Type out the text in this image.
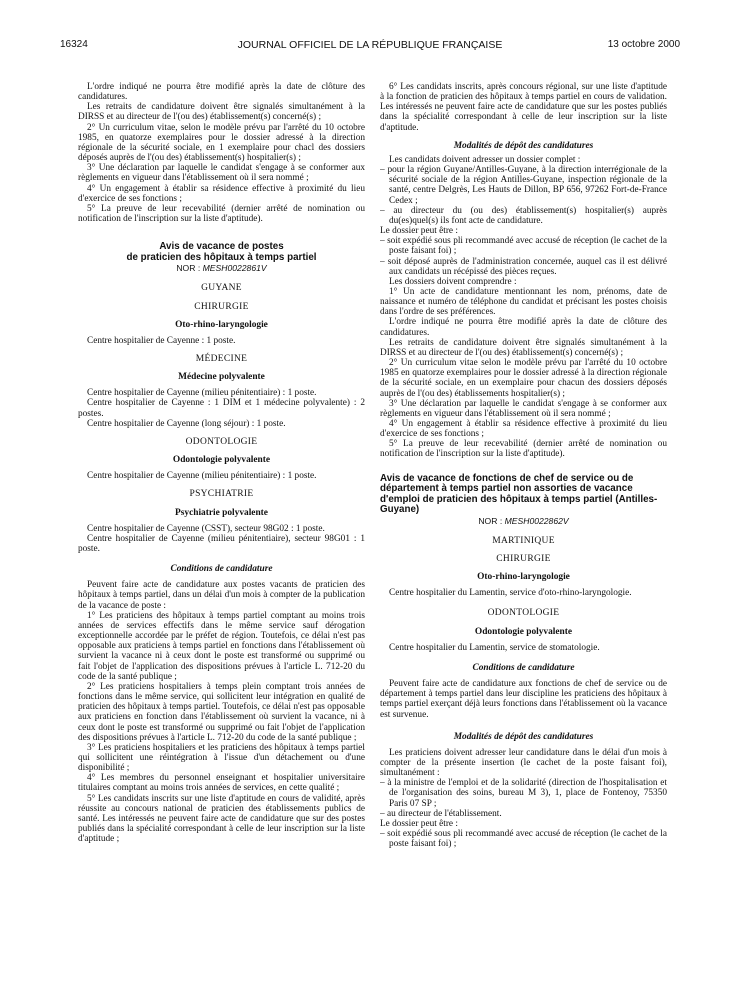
16324	JOURNAL OFFICIEL DE LA RÉPUBLIQUE FRANÇAISE	13 octobre 2000

L'ordre indiqué ne pourra être modifié après la date de clôture des candidatures.

Les retraits de candidature doivent être signalés simultanément à la DIRSS et au directeur de l'(ou des) établissement(s) concerné(s) ;

2° Un curriculum vitae, selon le modèle prévu par l'arrêté du 10 octobre 1985, en quatorze exemplaires pour le dossier adressé à la direction régionale de la sécurité sociale, en 1 exemplaire pour chacl des dossiers déposés auprès de l'(ou des) établissement(s) hospitalier(s) ;

3° Une déclaration par laquelle le candidat s'engage à se conformer aux règlements en vigueur dans l'établissement où il sera nommé ;

4° Un engagement à établir sa résidence effective à proximité du lieu d'exercice de ses fonctions ;

5° La preuve de leur recevabilité (dernier arrêté de nomination ou notification de l'inscription sur la liste d'aptitude).

Avis de vacance de postes
de praticien des hôpitaux à temps partiel
NOR : MESH0022861V
GUYANE
CHIRURGIE
Oto-rhino-laryngologie

Centre hospitalier de Cayenne : 1 poste.

MÉDECINE
Médecine polyvalente

Centre hospitalier de Cayenne (milieu pénitentiaire) : 1 poste.

Centre hospitalier de Cayenne : 1 DIM et 1 médecine polyvalente) : 2 postes.

Centre hospitalier de Cayenne (long séjour) : 1 poste.

ODONTOLOGIE
Odontologie polyvalente

Centre hospitalier de Cayenne (milieu pénitentiaire) : 1 poste.

PSYCHIATRIE
Psychiatrie polyvalente

Centre hospitalier de Cayenne (CSST), secteur 98G02 : 1 poste.

Centre hospitalier de Cayenne (milieu pénitentiaire), secteur 98G01 : 1 poste.

Conditions de candidature

Peuvent faire acte de candidature aux postes vacants de praticien des hôpitaux à temps partiel, dans un délai d'un mois à compter de la publication de la vacance de poste :

1° Les praticiens des hôpitaux à temps partiel comptant au moins trois années de services effectifs dans le même service sauf dérogation exceptionnelle accordée par le préfet de région. Toutefois, ce délai n'est pas opposable aux praticiens à temps partiel en fonctions dans l'établissement où survient la vacance ni à ceux dont le poste est transformé ou supprimé ou fait l'objet de l'application des dispositions prévues à l'article L. 712-20 du code de la santé publique ;

2° Les praticiens hospitaliers à temps plein comptant trois années de fonctions dans le même service, qui sollicitent leur intégration en qualité de praticien des hôpitaux à temps partiel. Toutefois, ce délai n'est pas opposable aux praticiens en fonction dans l'établissement où survient la vacance, ni à ceux dont le poste est transformé ou supprimé ou fait l'objet de l'application des dispositions prévues à l'article L. 712-20 du code de la santé publique ;

3° Les praticiens hospitaliers et les praticiens des hôpitaux à temps partiel qui sollicitent une réintégration à l'issue d'un détachement ou d'une disponibilité ;

4° Les membres du personnel enseignant et hospitalier universitaire titulaires comptant au moins trois années de services, en cette qualité ;

5° Les candidats inscrits sur une liste d'aptitude en cours de validité, après réussite au concours national de praticien des établissements publics de santé. Les intéressés ne peuvent faire acte de candidature que sur des postes publiés dans la spécialité correspondant à celle de leur inscription sur la liste d'aptitude ;

6° Les candidats inscrits, après concours régional, sur une liste d'aptitude à la fonction de praticien des hôpitaux à temps partiel en cours de validation. Les intéressés ne peuvent faire acte de candidature que sur les postes publiés dans la spécialité correspondant à celle de leur inscription sur la liste d'aptitude.

Modalités de dépôt des candidatures

Les candidats doivent adresser un dossier complet :

– pour la région Guyane/Antilles-Guyane, à la direction interrégionale de la sécurité sociale de la région Antilles-Guyane, inspection régionale de la santé, centre Delgrès, Les Hauts de Dillon, BP 656, 97262 Fort-de-France Cedex ;

– au directeur du (ou des) établissement(s) hospitalier(s) auprès du(es)quel(s) ils font acte de candidature.

Le dossier peut être :

– soit expédié sous pli recommandé avec accusé de réception (le cachet de la poste faisant foi) ;

– soit déposé auprès de l'administration concernée, auquel cas il est délivré aux candidats un récépissé des pièces reçues.

Les dossiers doivent comprendre :

1° Un acte de candidature mentionnant les nom, prénoms, date de naissance et numéro de téléphone du candidat et précisant les postes choisis dans l'ordre de ses préférences.

L'ordre indiqué ne pourra être modifié après la date de clôture des candidatures.

Les retraits de candidature doivent être signalés simultanément à la DIRSS et au directeur de l'(ou des) établissement(s) concerné(s) ;

2° Un curriculum vitae selon le modèle prévu par l'arrêté du 10 octobre 1985 en quatorze exemplaires pour le dossier adressé à la direction régionale de la sécurité sociale, en un exemplaire pour chacun des dossiers déposés auprès de l'(ou des) établissements hospitalier(s) ;

3° Une déclaration par laquelle le candidat s'engage à se conformer aux règlements en vigueur dans l'établissement où il sera nommé ;

4° Un engagement à établir sa résidence effective à proximité du lieu d'exercice de ses fonctions ;

5° La preuve de leur recevabilité (dernier arrêté de nomination ou notification de l'inscription sur la liste d'aptitude).

Avis de vacance de fonctions de chef de service ou de département à temps partiel non assorties de vacance d'emploi de praticien des hôpitaux à temps partiel (Antilles-Guyane)
NOR : MESH0022862V
MARTINIQUE
CHIRURGIE
Oto-rhino-laryngologie

Centre hospitalier du Lamentin, service d'oto-rhino-laryngologie.

ODONTOLOGIE
Odontologie polyvalente

Centre hospitalier du Lamentin, service de stomatologie.

Conditions de candidature

Peuvent faire acte de candidature aux fonctions de chef de service ou de département à temps partiel dans leur discipline les praticiens des hôpitaux à temps partiel exerçant déjà leurs fonctions dans l'établissement où la vacance est survenue.

Modalités de dépôt des candidatures

Les praticiens doivent adresser leur candidature dans le délai d'un mois à compter de la présente insertion (le cachet de la poste faisant foi), simultanément :

– à la ministre de l'emploi et de la solidarité (direction de l'hospitalisation et de l'organisation des soins, bureau M 3), 1, place de Fontenoy, 75350 Paris 07 SP ;

– au directeur de l'établissement.

Le dossier peut être :

– soit expédié sous pli recommandé avec accusé de réception (le cachet de la poste faisant foi) ;
